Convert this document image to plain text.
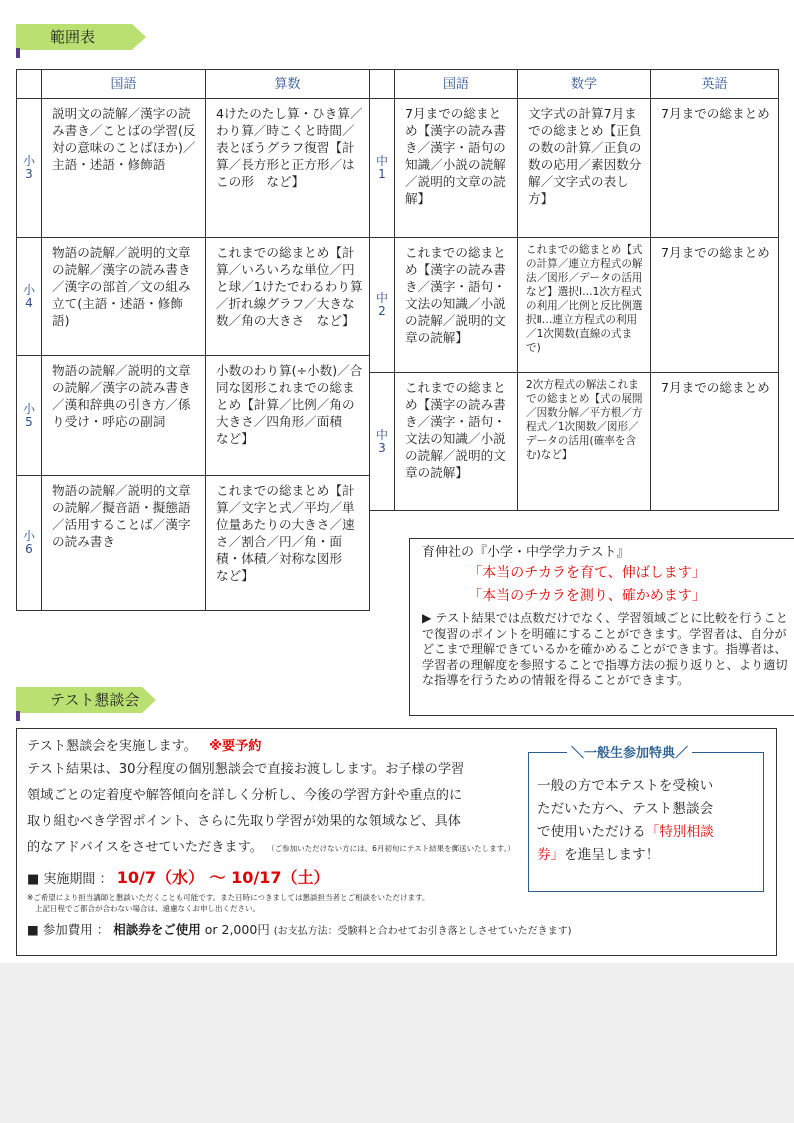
範囲表
	国語	算数
小
3	説明文の読解／漢字の読み書き／ことばの学習(反対の意味のことばほか)／主語・述語・修飾語	4けたのたし算・ひき算／わり算／時こくと時間／表とぼうグラフ復習【計算／長方形と正方形／はこの形　など】
小
4	物語の読解／説明的文章の読解／漢字の読み書き／漢字の部首／文の組み立て(主語・述語・修飾語)	これまでの総まとめ【計算／いろいろな単位／円と球／1けたでわるわり算／折れ線グラフ／大きな数／角の大きさ　など】
小
5	物語の読解／説明的文章の読解／漢字の読み書き／漢和辞典の引き方／係り受け・呼応の副詞	小数のわり算(÷小数)／合同な図形これまでの総まとめ【計算／比例／角の大きさ／四角形／面積　など】
小
6	物語の読解／説明的文章の読解／擬音語・擬態語／活用することば／漢字の読み書き	これまでの総まとめ【計算／文字と式／平均／単位量あたりの大きさ／速さ／割合／円／角・面積・体積／対称な図形　など】
	国語	数学	英語
中
1	7月までの総まとめ【漢字の読み書き／漢字・語句の知識／小説の読解／説明的文章の読解】	文字式の計算7月までの総まとめ【正負の数の計算／正負の数の応用／素因数分解／文字式の表し方】	7月までの総まとめ
中
2	これまでの総まとめ【漢字の読み書き／漢字・語句・文法の知識／小説の読解／説明的文章の読解】	これまでの総まとめ【式の計算／連立方程式の解法／図形／データの活用など】選択Ⅰ…1次方程式の利用／比例と反比例選択Ⅱ…連立方程式の利用／1次関数(直線の式まで)	7月までの総まとめ
中
3	これまでの総まとめ【漢字の読み書き／漢字・語句・文法の知識／小説の読解／説明的文章の読解】	2次方程式の解法これまでの総まとめ【式の展開／因数分解／平方根／方程式／1次関数／図形／データの活用(確率を含む)など】	7月までの総まとめ
育伸社の『小学・中学学力テスト』
「本当のチカラを育て、伸ばします」
「本当のチカラを測り、確かめます」
▶ テスト結果では点数だけでなく、学習領域ごとに比較を行うことで復習のポイントを明確にすることができます。学習者は、自分がどこまで理解できているかを確かめることができます。指導者は、学習者の理解度を参照することで指導方法の振り返りと、より適切な指導を行うための情報を得ることができます。
テスト懇談会
テスト懇談会を実施します。 ※要予約
テスト結果は、30分程度の個別懇談会で直接お渡しします。お子様の学習
領域ごとの定着度や解答傾向を詳しく分析し、今後の学習方針や重点的に
取り組むべき学習ポイント、さらに先取り学習が効果的な領域など、具体
的なアドバイスをさせていただきます。 （ご参加いただけない方には、6月初旬にテスト結果を郵送いたします。）
■ 実施期間 ： 10/7（水） ～ 10/17（土）
※ご希望により担当講師と懇談いただくことも可能です。また日時につきましては懇談担当者とご相談をいただけます。
上記日程でご都合が合わない場合は、遠慮なくお申し出ください。
■ 参加費用 ： 相談券をご使用 or 2,000円 (お支払方法：受験料と合わせてお引き落としさせていただきます)
＼一般生参加特典／
一般の方で本テストを受検い
ただいた方へ、テスト懇談会
で使用いただける「特別相談
券」を進呈します！
